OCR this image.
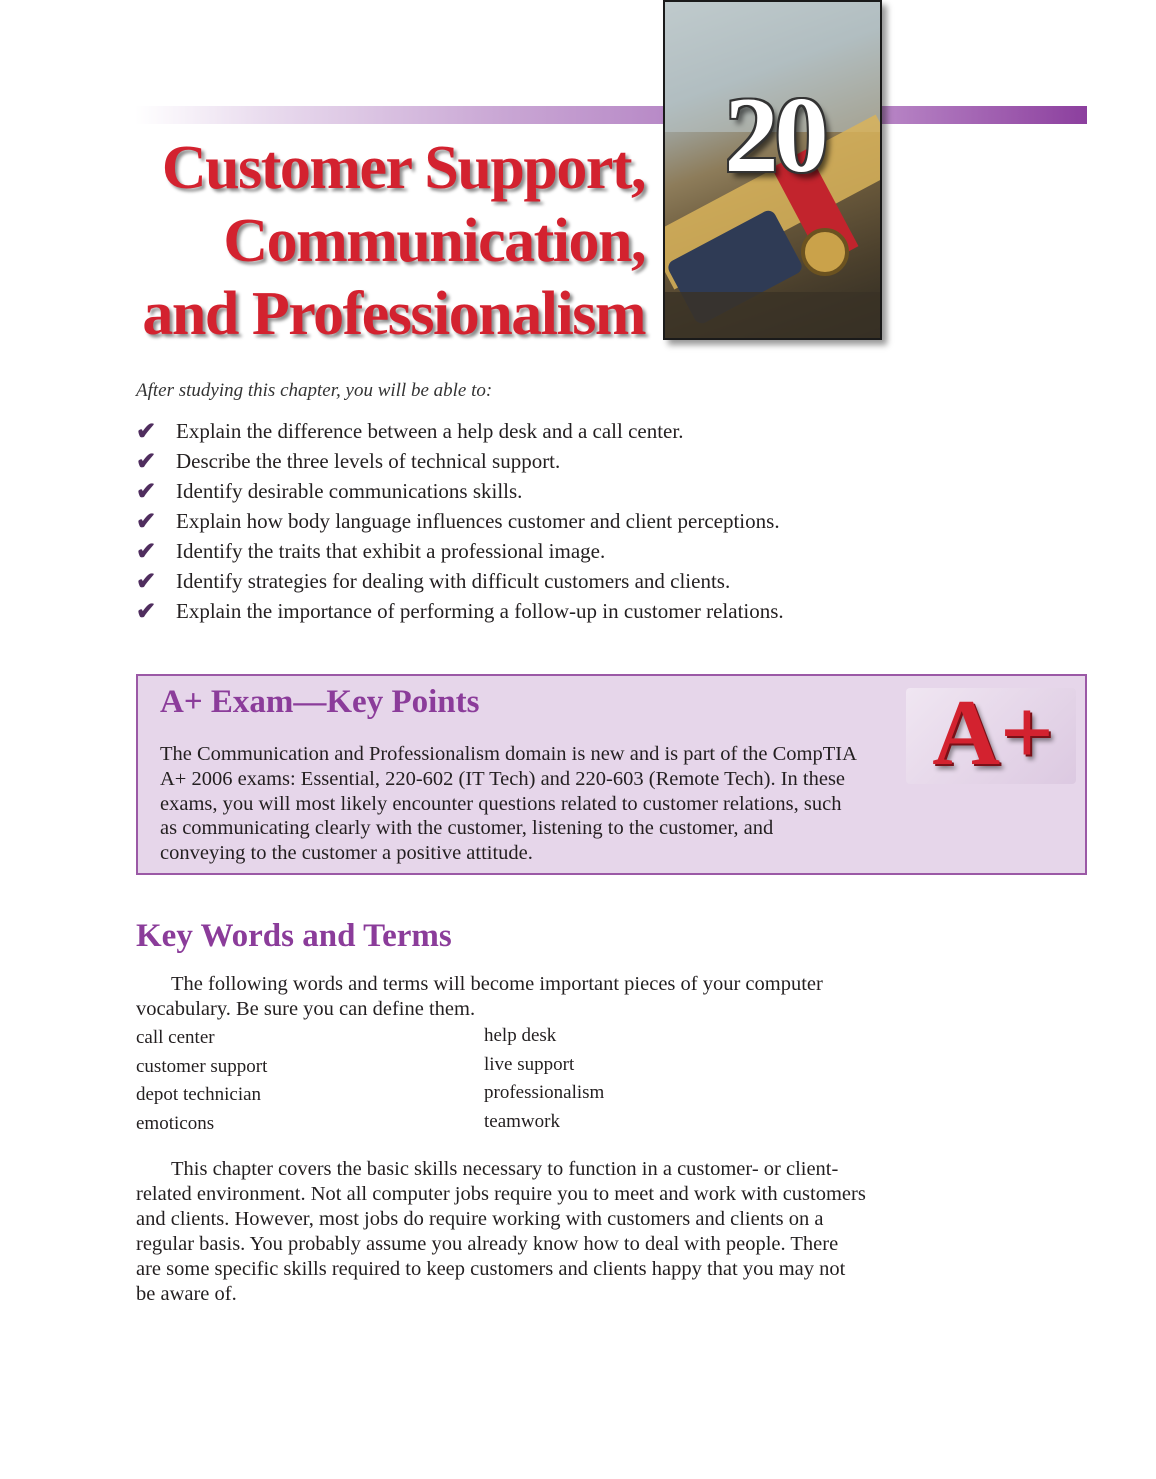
Customer Support,
Communication,
and Professionalism
20
After studying this chapter, you will be able to:
✔ Explain the difference between a help desk and a call center.
✔ Describe the three levels of technical support.
✔ Identify desirable communications skills.
✔ Explain how body language influences customer and client perceptions.
✔ Identify the traits that exhibit a professional image.
✔ Identify strategies for dealing with difficult customers and clients.
✔ Explain the importance of performing a follow-up in customer relations.
A+ Exam—Key Points
The Communication and Professionalism domain is new and is part of the CompTIA A+ 2006 exams: Essential, 220-602 (IT Tech) and 220-603 (Remote Tech). In these exams, you will most likely encounter questions related to customer relations, such as communicating clearly with the customer, listening to the customer, and conveying to the customer a positive attitude.
A+
Key Words and Terms
The following words and terms will become important pieces of your computer vocabulary. Be sure you can define them.
call center
customer support
depot technician
emoticons
help desk
live support
professionalism
teamwork
This chapter covers the basic skills necessary to function in a customer- or client-related environment. Not all computer jobs require you to meet and work with customers and clients. However, most jobs do require working with customers and clients on a regular basis. You probably assume you already know how to deal with people. There are some specific skills required to keep customers and clients happy that you may not be aware of.
